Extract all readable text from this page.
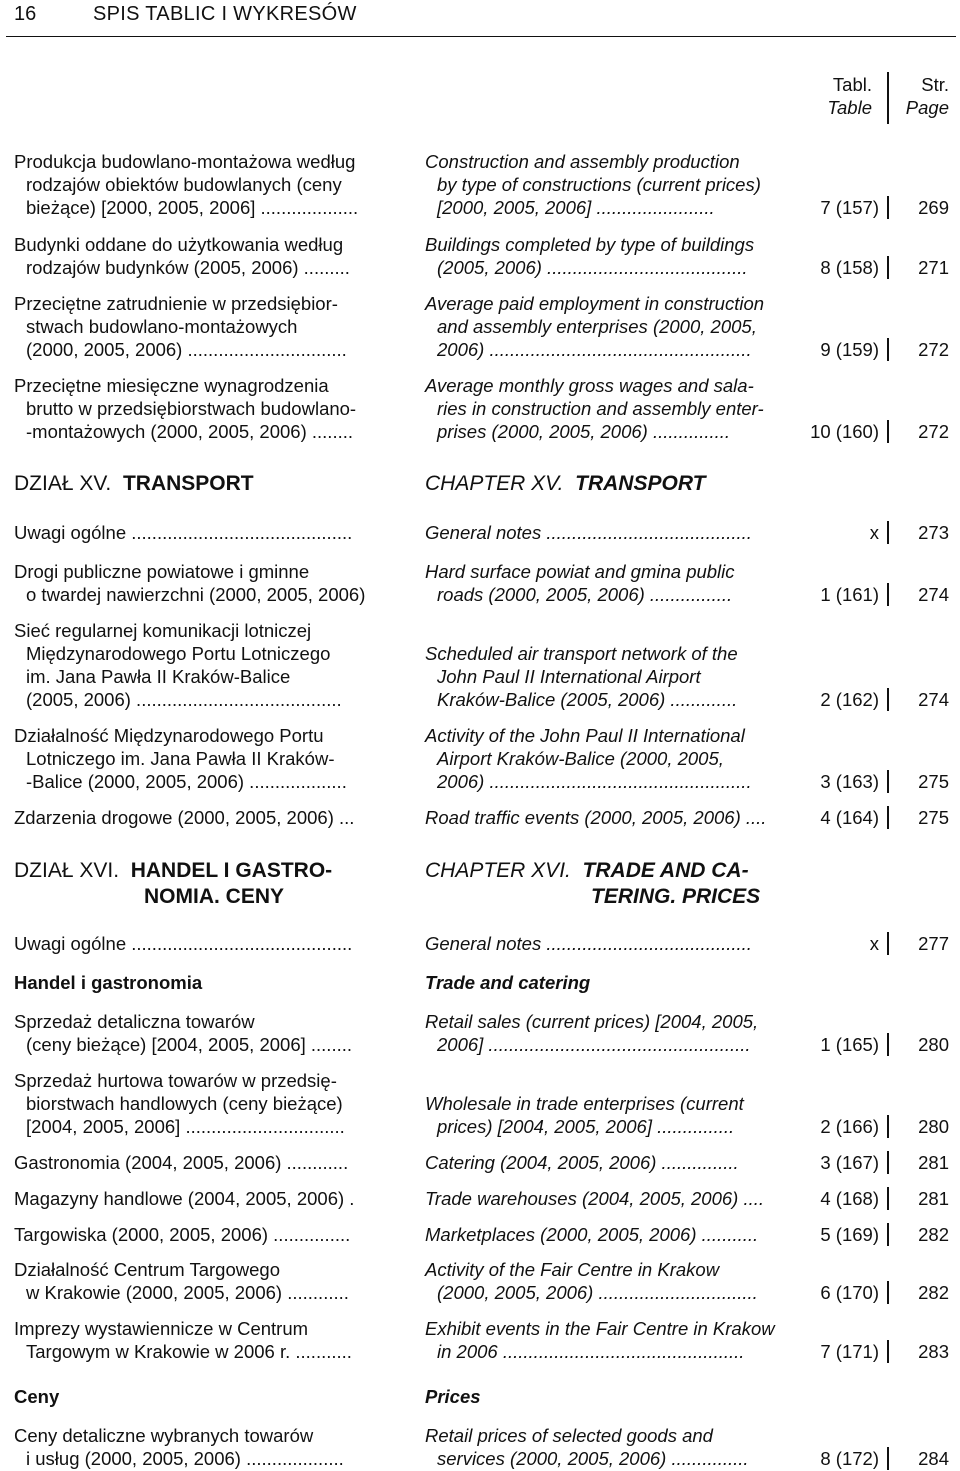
16	SPIS TABLIC I WYKRESÓW
Tabl.
Table
Str.
Page
Produkcja budowlano-montażowa według
rodzajów obiektów budowlanych (ceny
bieżące) [2000, 2005, 2006] ...................
Construction and assembly production
by type of constructions (current prices)
[2000, 2005, 2006] .......................	7 (157)	269
Budynki oddane do użytkowania według
rodzajów budynków (2005, 2006) .........
Buildings completed by type of buildings
(2005, 2006) .......................................	8 (158)	271
Przeciętne zatrudnienie w przedsiębior-
stwach budowlano-montażowych
(2000, 2005, 2006) ...............................
Average paid employment in construction
and assembly enterprises (2000, 2005,
2006) ...................................................	9 (159)	272
Przeciętne miesięczne wynagrodzenia
brutto w przedsiębiorstwach budowlano-
-montażowych (2000, 2005, 2006) ........
Average monthly gross wages and sala-
ries in construction and assembly enter-
prises (2000, 2005, 2006) ...............	10 (160)	272
DZIAŁ XV. TRANSPORT	CHAPTER XV. TRANSPORT
Uwagi ogólne ...........................................	General notes ........................................	x	273
Drogi publiczne powiatowe i gminne
o twardej nawierzchni (2000, 2005, 2006)
Hard surface powiat and gmina public
roads (2000, 2005, 2006) ................	1 (161)	274
Sieć regularnej komunikacji lotniczej
Międzynarodowego Portu Lotniczego
im. Jana Pawła II Kraków-Balice
(2005, 2006) ........................................
Scheduled air transport network of the
John Paul II International Airport
Kraków-Balice (2005, 2006) .............	2 (162)	274
Działalność Międzynarodowego Portu
Lotniczego im. Jana Pawła II Kraków-
-Balice (2000, 2005, 2006) ...................
Activity of the John Paul II International
Airport Kraków-Balice (2000, 2005,
2006) ...................................................	3 (163)	275
Zdarzenia drogowe (2000, 2005, 2006) ...	Road traffic events (2000, 2005, 2006) ....	4 (164)	275
DZIAŁ XVI. HANDEL I GASTRO-
NOMIA. CENY
CHAPTER XVI. TRADE AND CA-
TERING. PRICES
Uwagi ogólne ...........................................	General notes ........................................	x	277
Handel i gastronomia	Trade and catering
Sprzedaż detaliczna towarów
(ceny bieżące) [2004, 2005, 2006] ........
Retail sales (current prices) [2004, 2005,
2006] ...................................................	1 (165)	280
Sprzedaż hurtowa towarów w przedsię-
biorstwach handlowych (ceny bieżące)
[2004, 2005, 2006] ...............................
Wholesale in trade enterprises (current
prices) [2004, 2005, 2006] ...............	2 (166)	280
Gastronomia (2004, 2005, 2006) ............	Catering (2004, 2005, 2006) ...............	3 (167)	281
Magazyny handlowe (2004, 2005, 2006) .	Trade warehouses (2004, 2005, 2006) ....	4 (168)	281
Targowiska (2000, 2005, 2006) ...............	Marketplaces (2000, 2005, 2006) ...........	5 (169)	282
Działalność Centrum Targowego
w Krakowie (2000, 2005, 2006) ............
Activity of the Fair Centre in Krakow
(2000, 2005, 2006) ...............................	6 (170)	282
Imprezy wystawiennicze w Centrum
Targowym w Krakowie w 2006 r. ...........
Exhibit events in the Fair Centre in Krakow
in 2006 ...............................................	7 (171)	283
Ceny	Prices
Ceny detaliczne wybranych towarów
i usług (2000, 2005, 2006) ...................
Retail prices of selected goods and
services (2000, 2005, 2006) ...............	8 (172)	284
